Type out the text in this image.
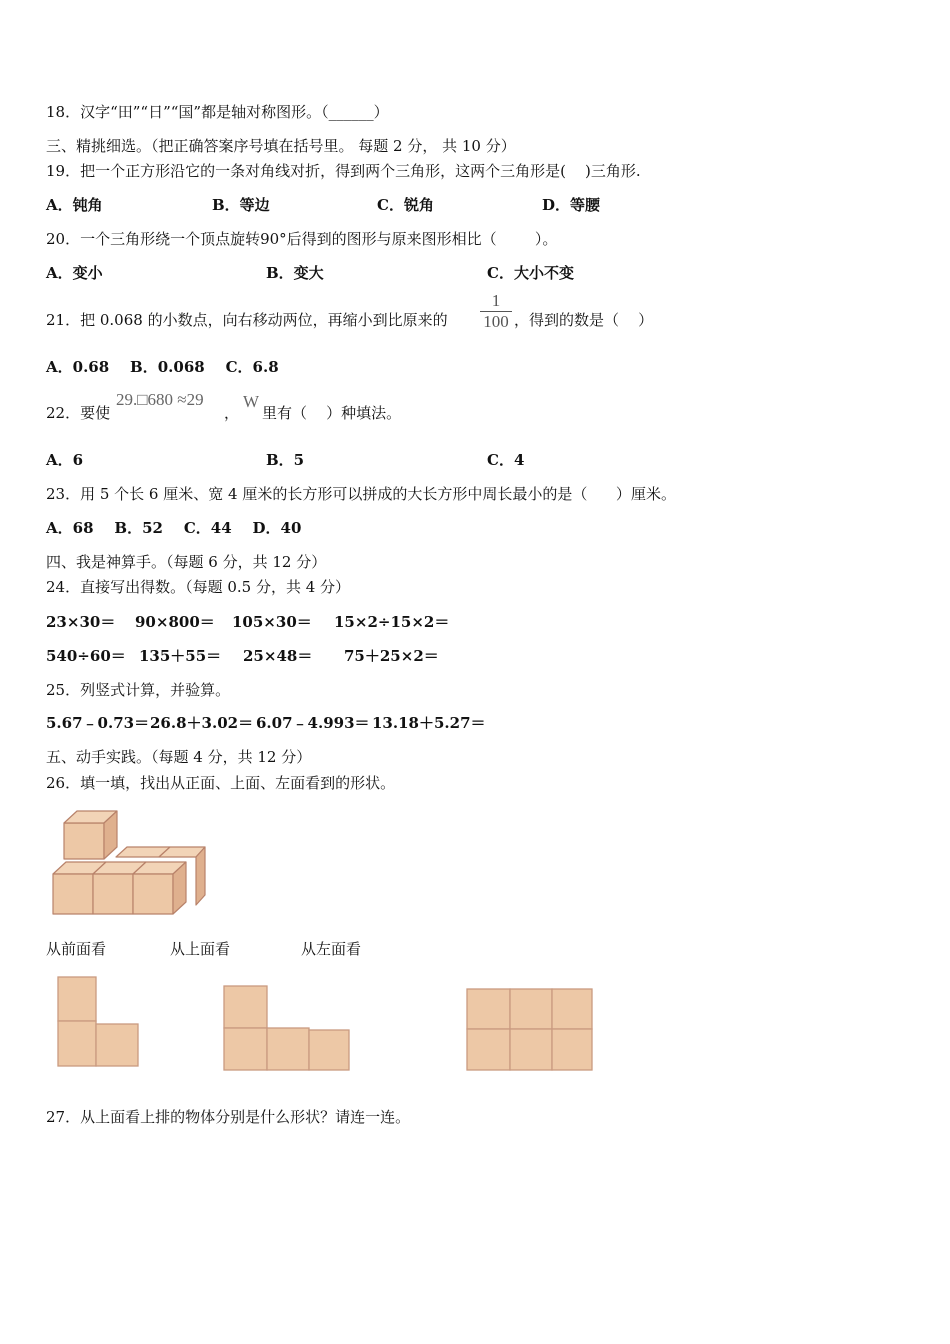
18．汉字“田”“日”“国”都是轴对称图形。（______）
三、精挑细选。（把正确答案序号填在括号里。 每题 2 分， 共 10 分）
19．把一个正方形沿它的一条对角线对折，得到两个三角形，这两个三角形是(    )三角形.
A．钝角	B．等边	C．锐角	D．等腰
20．一个三角形绕一个顶点旋转90°后得到的图形与原来图形相比（        ）。
A．变小	B．变大	C．大小不变
21．把 0.068 的小数点，向右移动两位，再缩小到比原来的
1
100 ，得到的数是（    ）
A．0.68    B．0.068    C．6.8
22．要使
29.□680 ≈29
，
W
里有（    ）种填法。
A．6	B．5	C．4
23．用 5 个长 6 厘米、宽 4 厘米的长方形可以拼成的大长方形中周长最小的是（      ）厘米。
A．68    B．52    C．44    D．40
四、我是神算手。（每题 6 分，共 12 分）
24．直接写出得数。（每题 0.5 分，共 4 分）
23×30＝ 90×800＝ 105×30＝ 15×2÷15×2＝
540÷60＝ 135＋55＝ 25×48＝ 75＋25×2＝
25．列竖式计算，并验算。
5.67﹣0.73＝ 26.8＋3.02＝ 6.07﹣4.993＝ 13.18＋5.27＝
五、动手实践。（每题 4 分，共 12 分）
26．填一填，找出从正面、上面、左面看到的形状。
从前面看	从上面看	从左面看
27．从上面看上排的物体分别是什么形状？请连一连。
